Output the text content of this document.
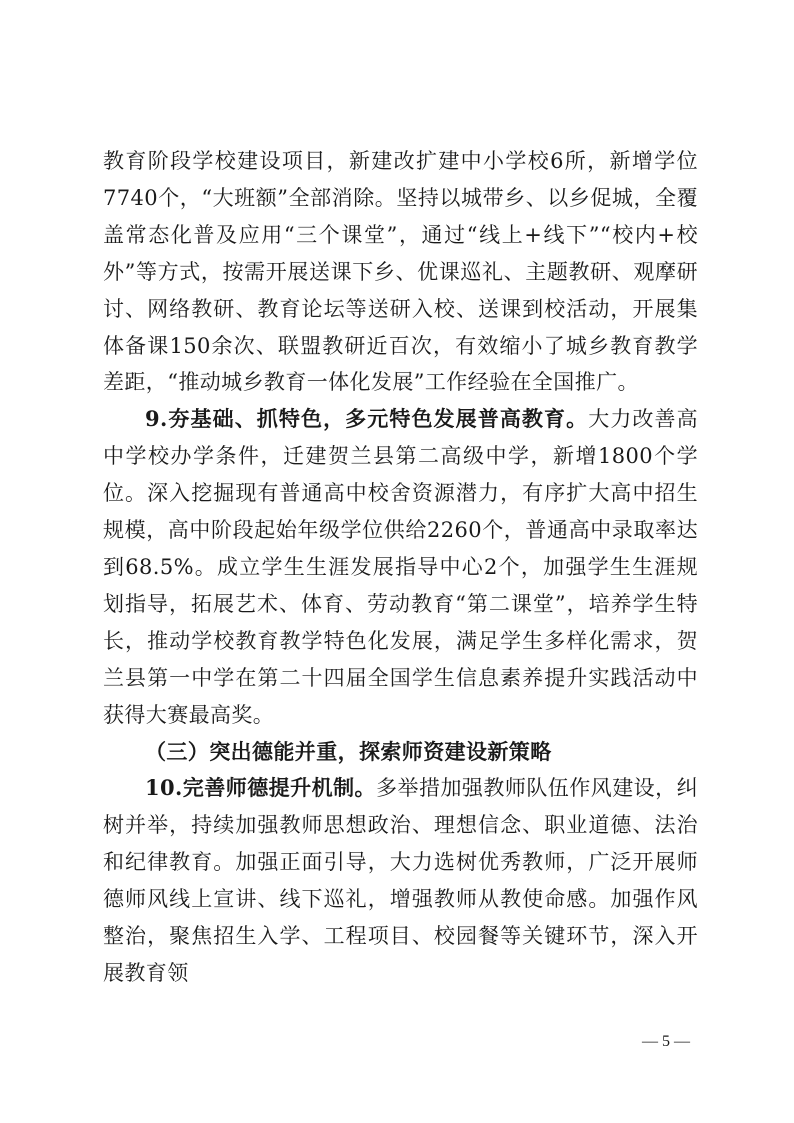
教育阶段学校建设项目，新建改扩建中小学校6所，新增学位7740个，“大班额”全部消除。坚持以城带乡、以乡促城，全覆盖常态化普及应用“三个课堂”，通过“线上+线下”“校内+校外”等方式，按需开展送课下乡、优课巡礼、主题教研、观摩研讨、网络教研、教育论坛等送研入校、送课到校活动，开展集体备课150余次、联盟教研近百次，有效缩小了城乡教育教学差距，“推动城乡教育一体化发展”工作经验在全国推广。

9.夯基础、抓特色，多元特色发展普高教育。大力改善高中学校办学条件，迁建贺兰县第二高级中学，新增1800个学位。深入挖掘现有普通高中校舍资源潜力，有序扩大高中招生规模，高中阶段起始年级学位供给2260个，普通高中录取率达到68.5%。成立学生生涯发展指导中心2个，加强学生生涯规划指导，拓展艺术、体育、劳动教育“第二课堂”，培养学生特长，推动学校教育教学特色化发展，满足学生多样化需求，贺兰县第一中学在第二十四届全国学生信息素养提升实践活动中获得大赛最高奖。

（三）突出德能并重，探索师资建设新策略

10.完善师德提升机制。多举措加强教师队伍作风建设，纠树并举，持续加强教师思想政治、理想信念、职业道德、法治和纪律教育。加强正面引导，大力选树优秀教师，广泛开展师德师风线上宣讲、线下巡礼，增强教师从教使命感。加强作风整治，聚焦招生入学、工程项目、校园餐等关键环节，深入开展教育领

— 5 —
